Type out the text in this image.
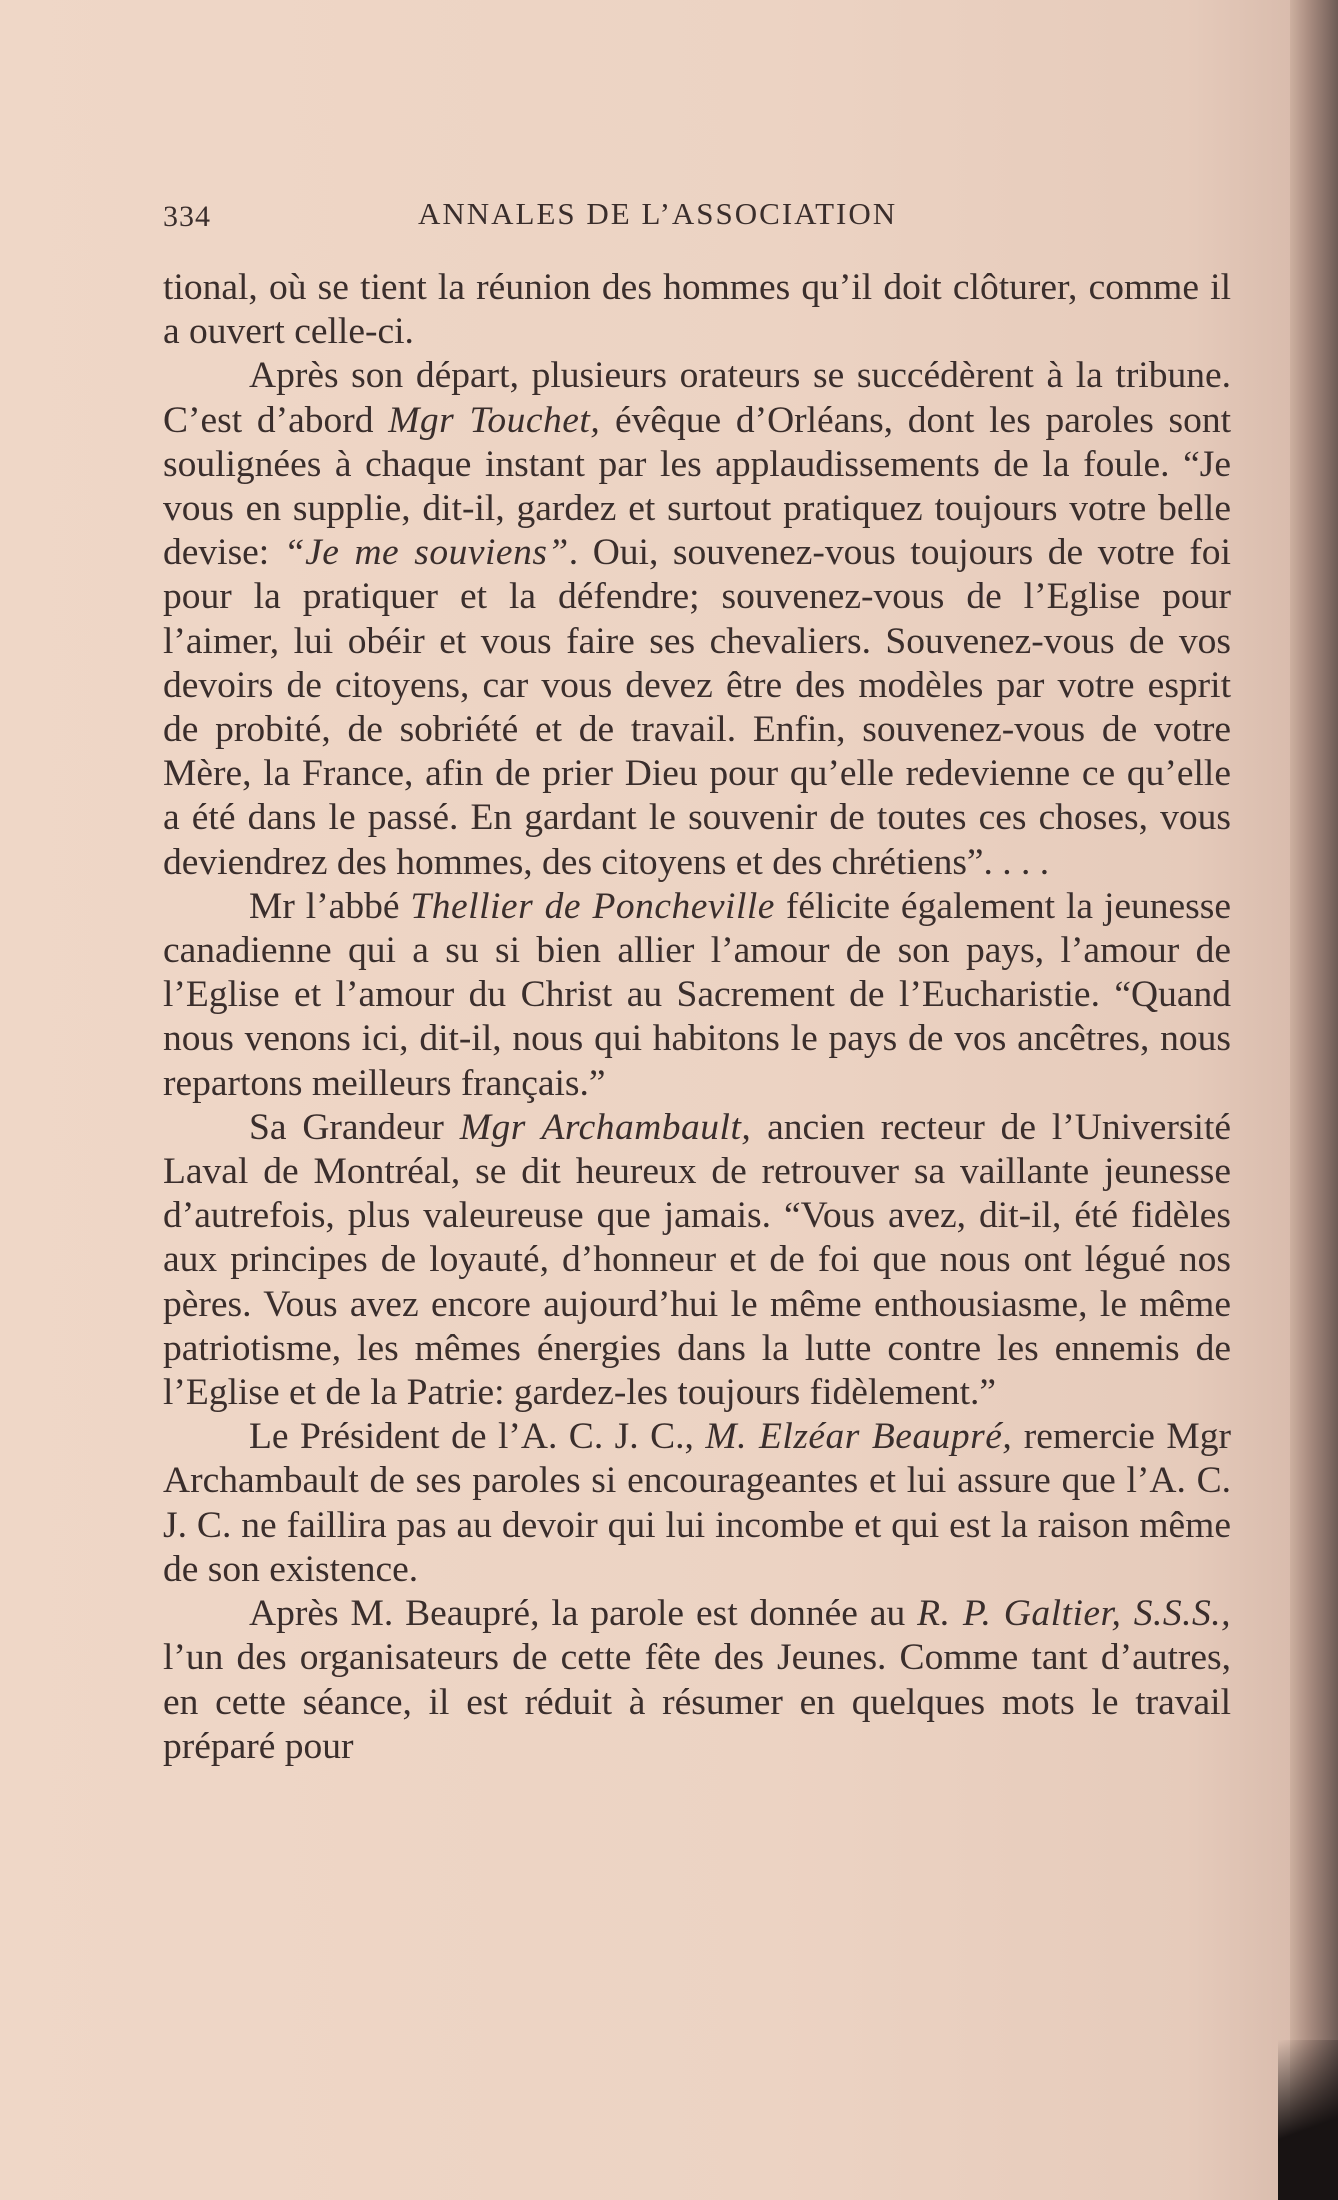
334	ANNALES DE L’ASSOCIATION

tional, où se tient la réunion des hommes qu’il doit clôturer, comme il a ouvert celle-ci.

Après son départ, plusieurs orateurs se succédèrent à la tribune. C’est d’abord Mgr Touchet, évêque d’Orléans, dont les paroles sont soulignées à chaque instant par les applaudissements de la foule. “Je vous en supplie, dit-il, gardez et surtout pratiquez toujours votre belle devise: “Je me souviens”. Oui, souvenez-vous toujours de votre foi pour la pratiquer et la défendre; souvenez-vous de l’Eglise pour l’aimer, lui obéir et vous faire ses chevaliers. Souvenez-vous de vos devoirs de citoyens, car vous devez être des modèles par votre esprit de probité, de sobriété et de travail. Enfin, souvenez-vous de votre Mère, la France, afin de prier Dieu pour qu’elle redevienne ce qu’elle a été dans le passé. En gardant le souvenir de toutes ces choses, vous deviendrez des hommes, des citoyens et des chrétiens”. . . .

Mr l’abbé Thellier de Poncheville félicite également la jeunesse canadienne qui a su si bien allier l’amour de son pays, l’amour de l’Eglise et l’amour du Christ au Sacrement de l’Eucharistie. “Quand nous venons ici, dit-il, nous qui habitons le pays de vos ancêtres, nous repartons meilleurs français.”

Sa Grandeur Mgr Archambault, ancien recteur de l’Université Laval de Montréal, se dit heureux de retrouver sa vaillante jeunesse d’autrefois, plus valeureuse que jamais. “Vous avez, dit-il, été fidèles aux principes de loyauté, d’honneur et de foi que nous ont légué nos pères. Vous avez encore aujourd’hui le même enthousiasme, le même patriotisme, les mêmes énergies dans la lutte contre les ennemis de l’Eglise et de la Patrie: gardez-les toujours fidèlement.”

Le Président de l’A. C. J. C., M. Elzéar Beaupré, remercie Mgr Archambault de ses paroles si encourageantes et lui assure que l’A. C. J. C. ne faillira pas au devoir qui lui incombe et qui est la raison même de son existence.

Après M. Beaupré, la parole est donnée au R. P. Galtier, S.S.S., l’un des organisateurs de cette fête des Jeunes. Comme tant d’autres, en cette séance, il est réduit à résumer en quelques mots le travail préparé pour
